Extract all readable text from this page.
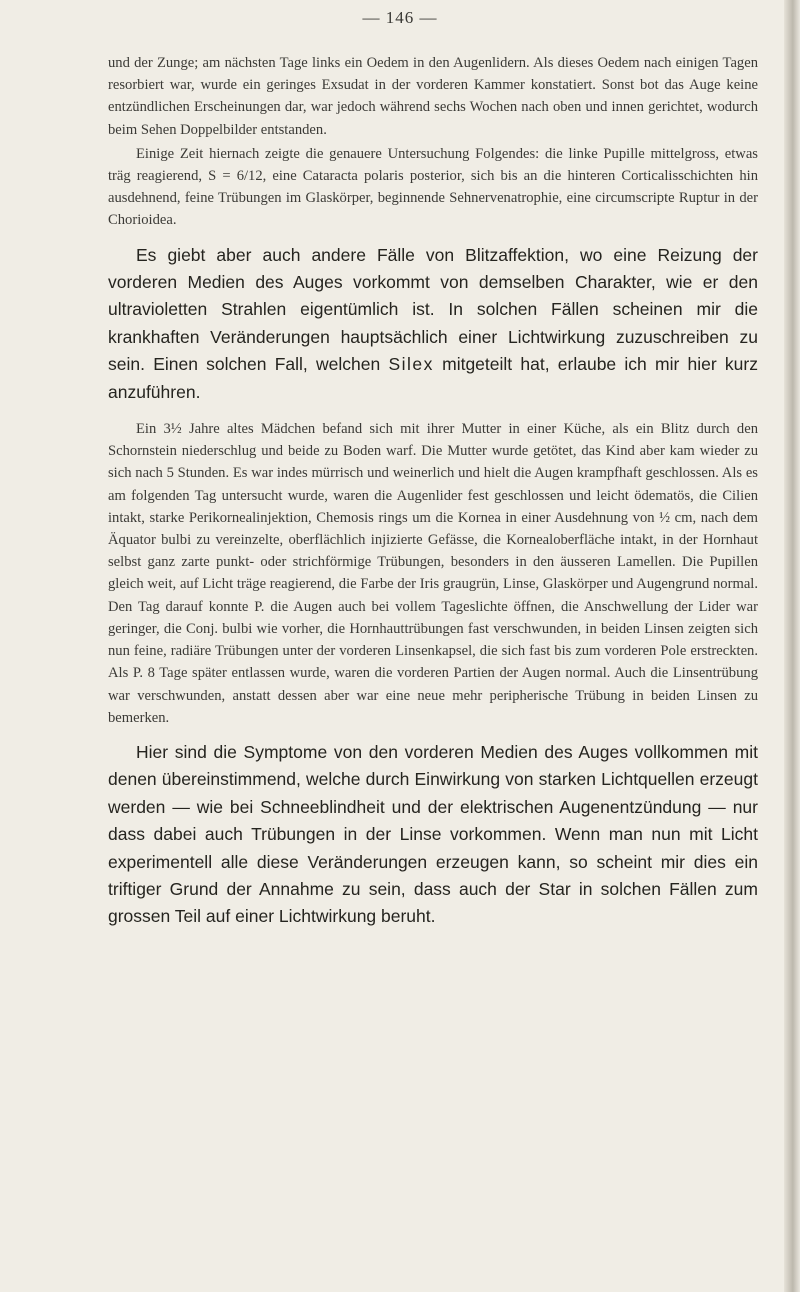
— 146 —

und der Zunge; am nächsten Tage links ein Oedem in den Augenlidern. Als dieses Oedem nach einigen Tagen resorbiert war, wurde ein geringes Exsudat in der vorderen Kammer konstatiert. Sonst bot das Auge keine entzündlichen Erscheinungen dar, war jedoch während sechs Wochen nach oben und innen gerichtet, wodurch beim Sehen Doppelbilder entstanden.

Einige Zeit hiernach zeigte die genauere Untersuchung Folgendes: die linke Pupille mittelgross, etwas träg reagierend, S = 6/12, eine Cataracta polaris posterior, sich bis an die hinteren Corticalisschichten hin ausdehnend, feine Trübungen im Glaskörper, beginnende Sehnervenatrophie, eine circumscripte Ruptur in der Chorioidea.

Es giebt aber auch andere Fälle von Blitzaffektion, wo eine Reizung der vorderen Medien des Auges vorkommt von demselben Charakter, wie er den ultravioletten Strahlen eigentümlich ist. In solchen Fällen scheinen mir die krankhaften Veränderungen hauptsächlich einer Lichtwirkung zuzuschreiben zu sein. Einen solchen Fall, welchen Silex mitgeteilt hat, erlaube ich mir hier kurz anzuführen.

Ein 3½ Jahre altes Mädchen befand sich mit ihrer Mutter in einer Küche, als ein Blitz durch den Schornstein niederschlug und beide zu Boden warf. Die Mutter wurde getötet, das Kind aber kam wieder zu sich nach 5 Stunden. Es war indes mürrisch und weinerlich und hielt die Augen krampfhaft geschlossen. Als es am folgenden Tag untersucht wurde, waren die Augenlider fest geschlossen und leicht ödematös, die Cilien intakt, starke Perikornealinjektion, Chemosis rings um die Kornea in einer Ausdehnung von ½ cm, nach dem Äquator bulbi zu vereinzelte, oberflächlich injizierte Gefässe, die Kornealoberfläche intakt, in der Hornhaut selbst ganz zarte punkt- oder strichförmige Trübungen, besonders in den äusseren Lamellen. Die Pupillen gleich weit, auf Licht träge reagierend, die Farbe der Iris graugrün, Linse, Glaskörper und Augengrund normal. Den Tag darauf konnte P. die Augen auch bei vollem Tageslichte öffnen, die Anschwellung der Lider war geringer, die Conj. bulbi wie vorher, die Hornhauttrübungen fast verschwunden, in beiden Linsen zeigten sich nun feine, radiäre Trübungen unter der vorderen Linsenkapsel, die sich fast bis zum vorderen Pole erstreckten. Als P. 8 Tage später entlassen wurde, waren die vorderen Partien der Augen normal. Auch die Linsentrübung war verschwunden, anstatt dessen aber war eine neue mehr peripherische Trübung in beiden Linsen zu bemerken.

Hier sind die Symptome von den vorderen Medien des Auges vollkommen mit denen übereinstimmend, welche durch Einwirkung von starken Lichtquellen erzeugt werden — wie bei Schneeblindheit und der elektrischen Augenentzündung — nur dass dabei auch Trübungen in der Linse vorkommen. Wenn man nun mit Licht experimentell alle diese Veränderungen erzeugen kann, so scheint mir dies ein triftiger Grund der Annahme zu sein, dass auch der Star in solchen Fällen zum grossen Teil auf einer Lichtwirkung beruht.
